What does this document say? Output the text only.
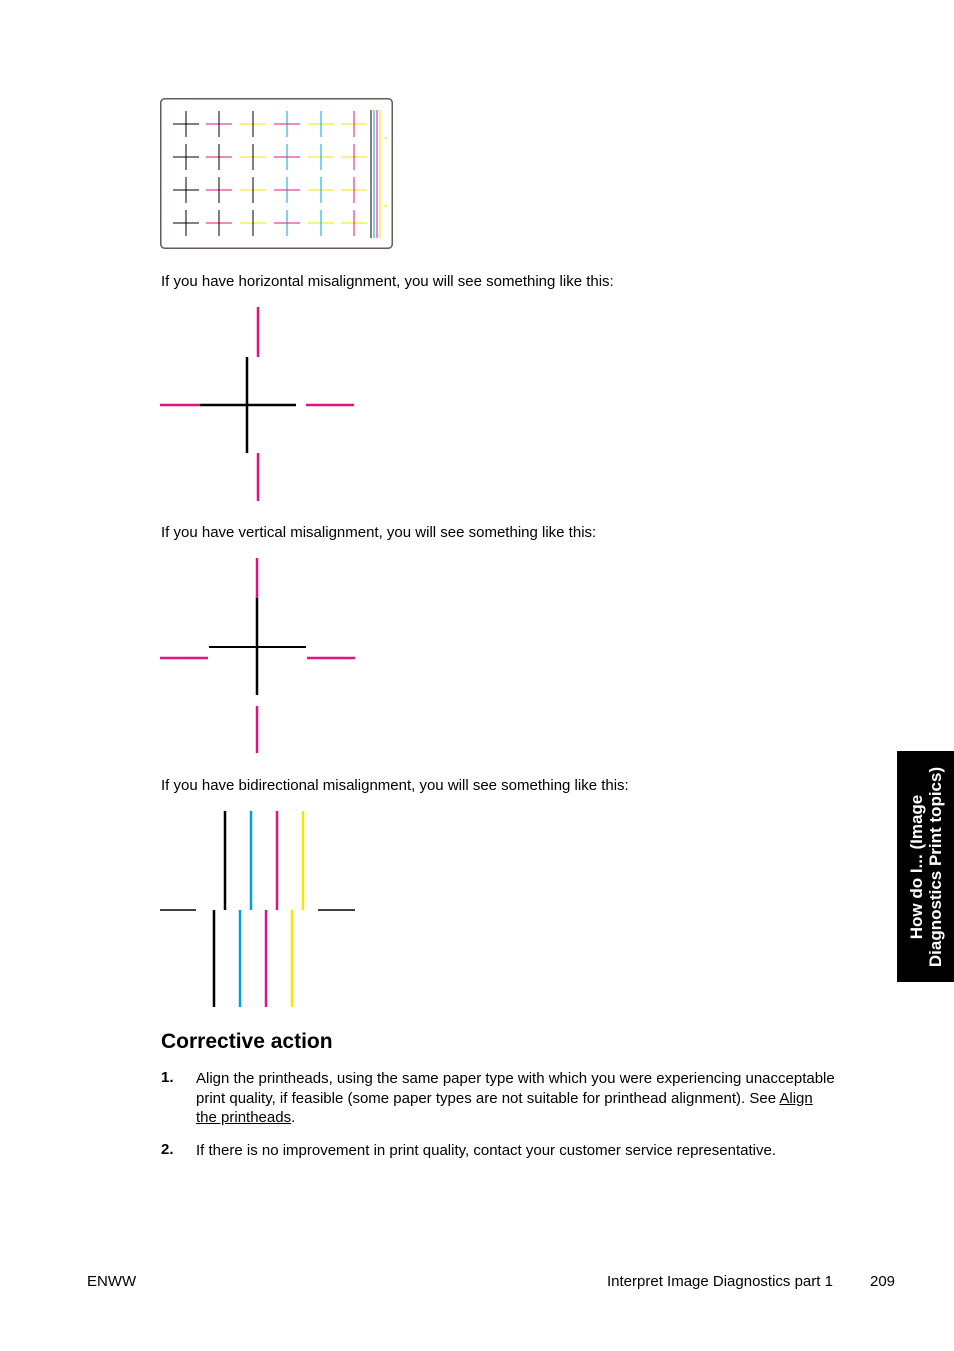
If you have horizontal misalignment, you will see something like this:

If you have vertical misalignment, you will see something like this:

If you have bidirectional misalignment, you will see something like this:

Corrective action
1. Align the printheads, using the same paper type with which you were experiencing unacceptable print quality, if feasible (some paper types are not suitable for printhead alignment). See Align the printheads.
2. If there is no improvement in print quality, contact your customer service representative.
How do I... (Image Diagnostics Print topics)
ENWW	Interpret Image Diagnostics part 1 209
